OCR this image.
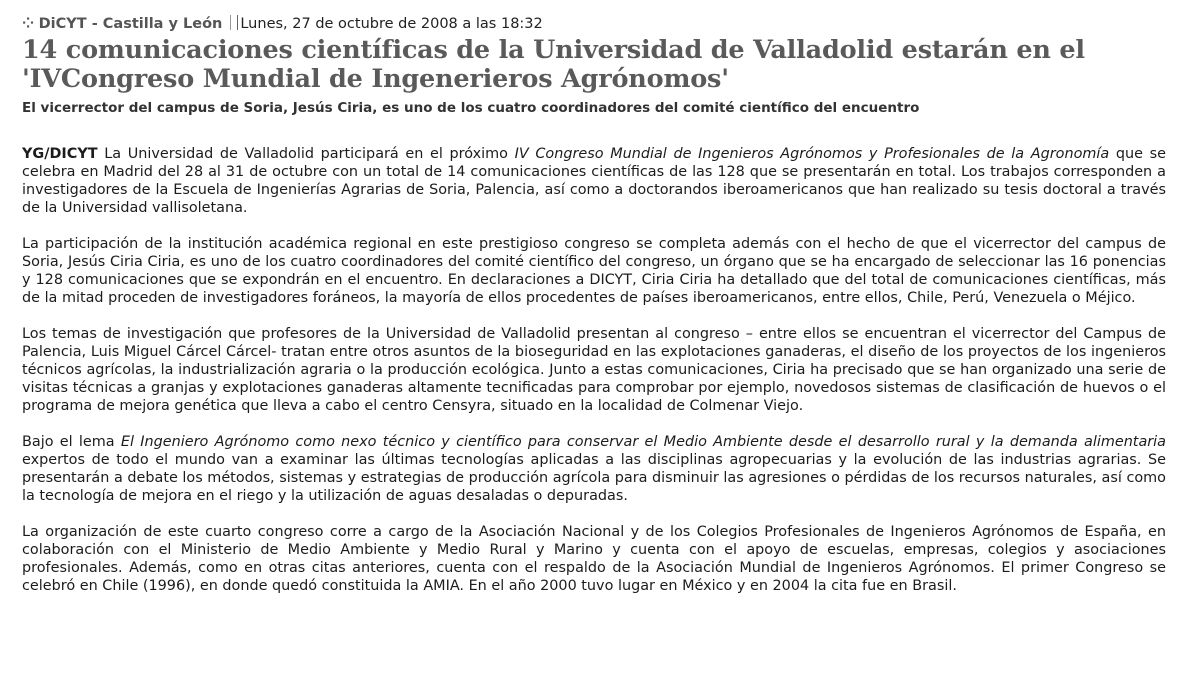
⁘ DiCYT - Castilla y León Lunes, 27 de octubre de 2008 a las 18:32
14 comunicaciones científicas de la Universidad de Valladolid estarán en el 'IVCongreso Mundial de Ingenerieros Agrónomos'
El vicerrector del campus de Soria, Jesús Ciria, es uno de los cuatro coordinadores del comité científico del encuentro

YG/DICYT La Universidad de Valladolid participará en el próximo IV Congreso Mundial de Ingenieros Agrónomos y Profesionales de la Agronomía que se celebra en Madrid del 28 al 31 de octubre con un total de 14 comunicaciones científicas de las 128 que se presentarán en total. Los trabajos corresponden a investigadores de la Escuela de Ingenierías Agrarias de Soria, Palencia, así como a doctorandos iberoamericanos que han realizado su tesis doctoral a través de la Universidad vallisoletana.

La participación de la institución académica regional en este prestigioso congreso se completa además con el hecho de que el vicerrector del campus de Soria, Jesús Ciria Ciria, es uno de los cuatro coordinadores del comité científico del congreso, un órgano que se ha encargado de seleccionar las 16 ponencias y 128 comunicaciones que se expondrán en el encuentro. En declaraciones a DICYT, Ciria Ciria ha detallado que del total de comunicaciones científicas, más de la mitad proceden de investigadores foráneos, la mayoría de ellos procedentes de países iberoamericanos, entre ellos, Chile, Perú, Venezuela o Méjico.

Los temas de investigación que profesores de la Universidad de Valladolid presentan al congreso – entre ellos se encuentran el vicerrector del Campus de Palencia, Luis Miguel Cárcel Cárcel- tratan entre otros asuntos de la bioseguridad en las explotaciones ganaderas, el diseño de los proyectos de los ingenieros técnicos agrícolas, la industrialización agraria o la producción ecológica. Junto a estas comunicaciones, Ciria ha precisado que se han organizado una serie de visitas técnicas a granjas y explotaciones ganaderas altamente tecnificadas para comprobar por ejemplo, novedosos sistemas de clasificación de huevos o el programa de mejora genética que lleva a cabo el centro Censyra, situado en la localidad de Colmenar Viejo.

Bajo el lema El Ingeniero Agrónomo como nexo técnico y científico para conservar el Medio Ambiente desde el desarrollo rural y la demanda alimentaria expertos de todo el mundo van a examinar las últimas tecnologías aplicadas a las disciplinas agropecuarias y la evolución de las industrias agrarias. Se presentarán a debate los métodos, sistemas y estrategias de producción agrícola para disminuir las agresiones o pérdidas de los recursos naturales, así como la tecnología de mejora en el riego y la utilización de aguas desaladas o depuradas.

La organización de este cuarto congreso corre a cargo de la Asociación Nacional y de los Colegios Profesionales de Ingenieros Agrónomos de España, en colaboración con el Ministerio de Medio Ambiente y Medio Rural y Marino y cuenta con el apoyo de escuelas, empresas, colegios y asociaciones profesionales. Además, como en otras citas anteriores, cuenta con el respaldo de la Asociación Mundial de Ingenieros Agrónomos. El primer Congreso se celebró en Chile (1996), en donde quedó constituida la AMIA. En el año 2000 tuvo lugar en México y en 2004 la cita fue en Brasil.
